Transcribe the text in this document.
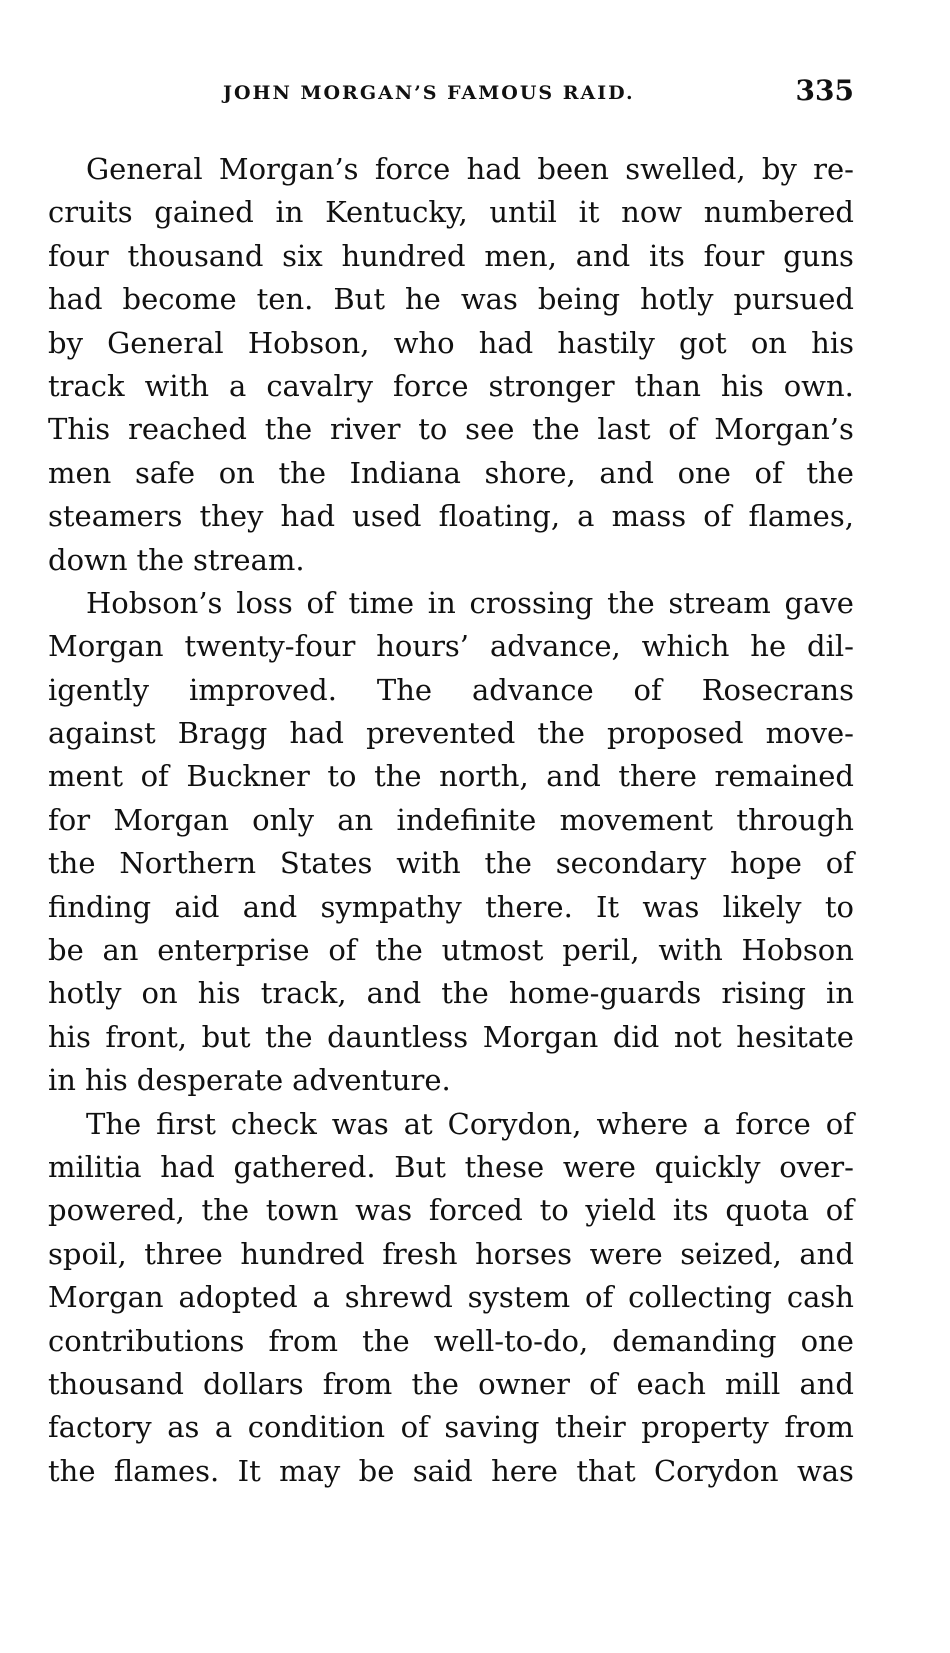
JOHN MORGAN’S FAMOUS RAID.	335
General Morgan’s force had been swelled, by re-
cruits gained in Kentucky, until it now numbered
four thousand six hundred men, and its four guns
had become ten. But he was being hotly pursued
by General Hobson, who had hastily got on his
track with a cavalry force stronger than his own.
This reached the river to see the last of Morgan’s
men safe on the Indiana shore, and one of the
steamers they had used floating, a mass of flames,
down the stream.
Hobson’s loss of time in crossing the stream gave
Morgan twenty-four hours’ advance, which he dil-
igently improved. The advance of Rosecrans
against Bragg had prevented the proposed move-
ment of Buckner to the north, and there remained
for Morgan only an indefinite movement through
the Northern States with the secondary hope of
finding aid and sympathy there. It was likely to
be an enterprise of the utmost peril, with Hobson
hotly on his track, and the home-guards rising in
his front, but the dauntless Morgan did not hesitate
in his desperate adventure.
The first check was at Corydon, where a force of
militia had gathered. But these were quickly over-
powered, the town was forced to yield its quota of
spoil, three hundred fresh horses were seized, and
Morgan adopted a shrewd system of collecting cash
contributions from the well-to-do, demanding one
thousand dollars from the owner of each mill and
factory as a condition of saving their property from
the flames. It may be said here that Corydon was
